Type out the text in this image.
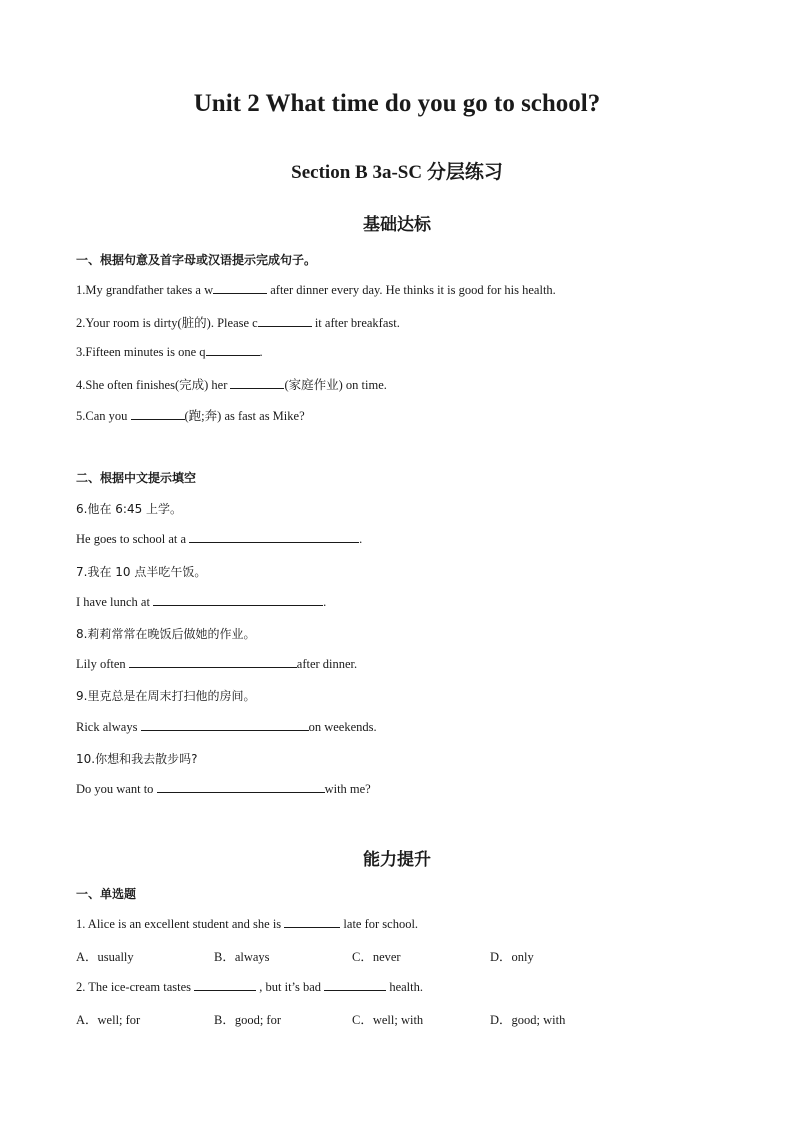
Unit 2 What time do you go to school?
Section B 3a-SC 分层练习
基础达标
一、根据句意及首字母或汉语提示完成句子。
1.My grandfather takes a w	after dinner every day. He thinks it is good for his health.
2.Your room is dirty(脏的). Please c	it after breakfast.
3.Fifteen minutes is one q	.
4.She often finishes(完成) her	(家庭作业) on time.
5.Can you	(跑;奔) as fast as Mike?
二、根据中文提示填空
6.他在 6:45 上学。
He goes to school at a	.
7.我在 10 点半吃午饭。
I have lunch at	.
8.莉莉常常在晚饭后做她的作业。
Lily often	after dinner.
9.里克总是在周末打扫他的房间。
Rick always	on weekends.
10.你想和我去散步吗?
Do you want to	with me?
能力提升
一、单选题
1. Alice is an excellent student and she is	late for school.
A．usually	B．always	C．never	D．only
2. The ice-cream tastes	, but it’s bad	health.
A．well; for	B．good; for	C．well; with	D．good; with
